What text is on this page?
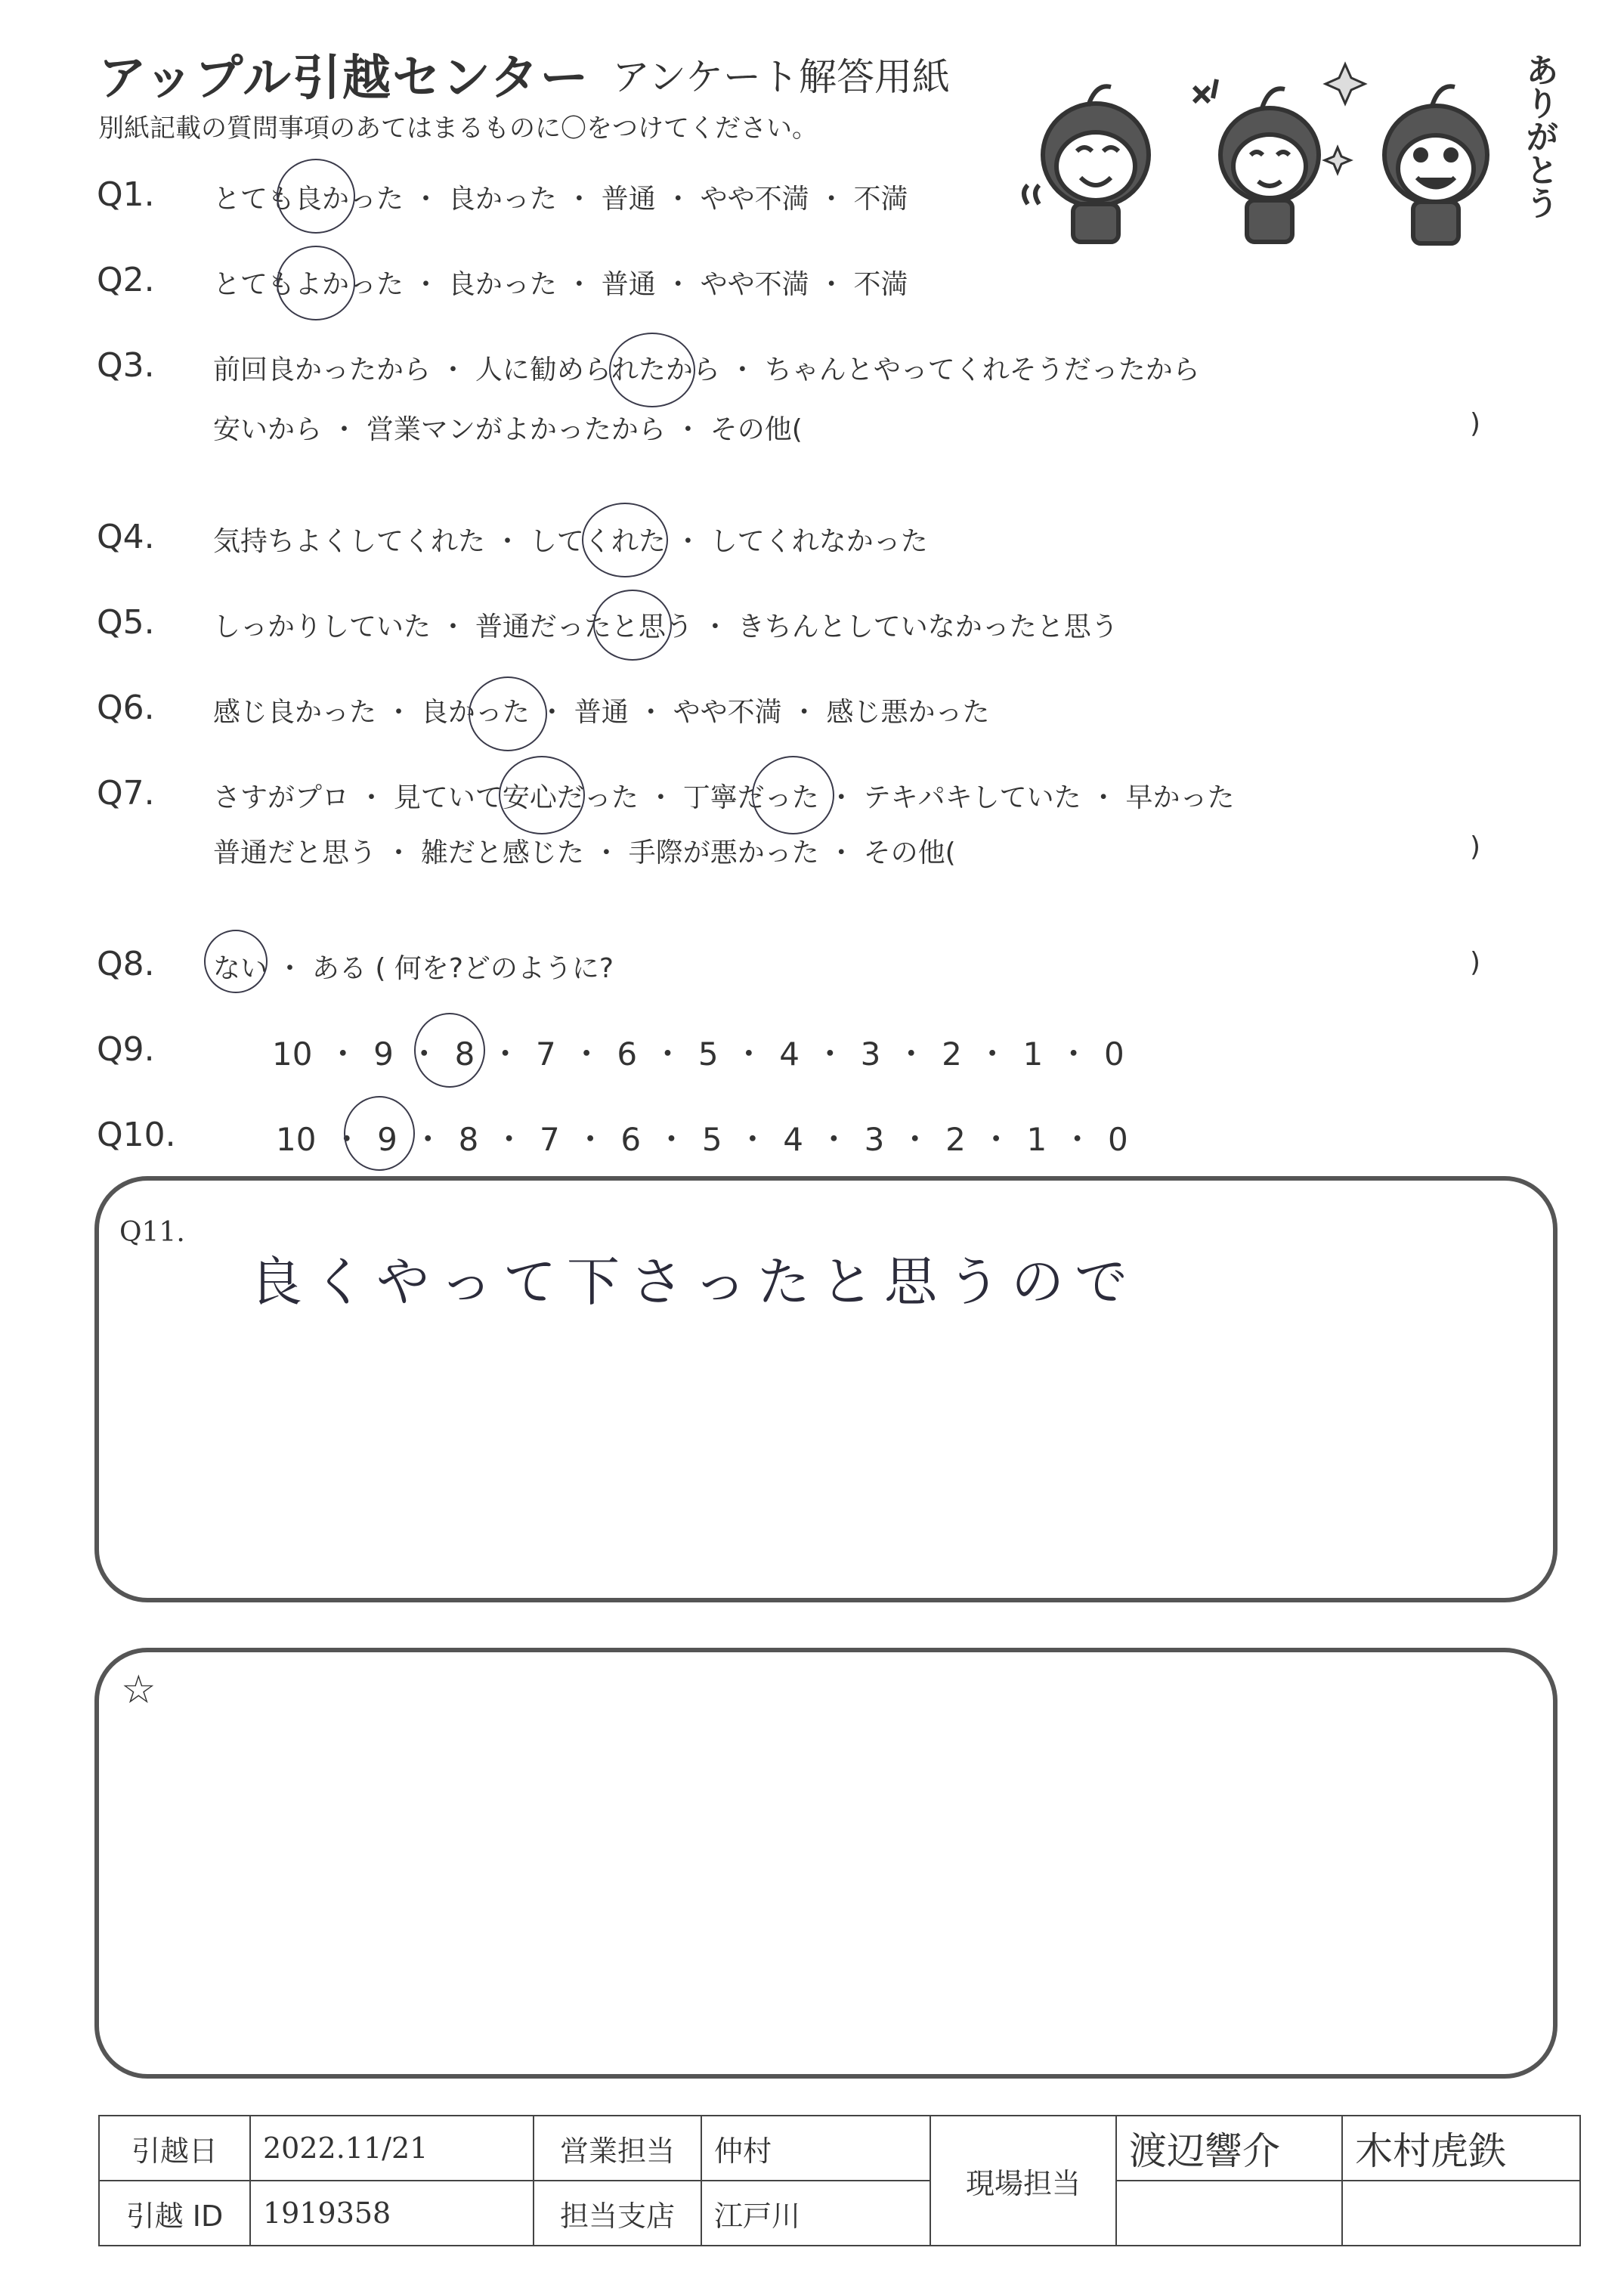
アップル引越センター アンケート解答用紙
別紙記載の質問事項のあてはまるものに〇をつけてください。	ありがとう
Q1. とても良かった ・ 良かった ・ 普通 ・ やや不満 ・ 不満
Q2. とてもよかった ・ 良かった ・ 普通 ・ やや不満 ・ 不満
Q3. 前回良かったから ・ 人に勧められたから ・ ちゃんとやってくれそうだったから
安いから ・ 営業マンがよかったから ・ その他(	)
Q4. 気持ちよくしてくれた ・ してくれた ・ してくれなかった
Q5. しっかりしていた ・ 普通だったと思う ・ きちんとしていなかったと思う
Q6. 感じ良かった ・ 良かった ・ 普通 ・ やや不満 ・ 感じ悪かった
Q7. さすがプロ ・ 見ていて安心だった ・ 丁寧だった ・ テキパキしていた ・ 早かった
普通だと思う ・ 雑だと感じた ・ 手際が悪かった ・ その他(	)
Q8. ない ・ ある ( 何を?どのように?	)
Q9.	10 ・ 9 ・ 8 ・ 7 ・ 6 ・ 5 ・ 4 ・ 3 ・ 2 ・ 1 ・ 0
Q10.	10 ・ 9 ・ 8 ・ 7 ・ 6 ・ 5 ・ 4 ・ 3 ・ 2 ・ 1 ・ 0
Q11.
良くやって下さったと思うので
☆
引越日	2022.11/21	営業担当	仲村	現場担当	渡辺響介	木村虎鉄
引越 ID	1919358	担当支店	江戸川			
